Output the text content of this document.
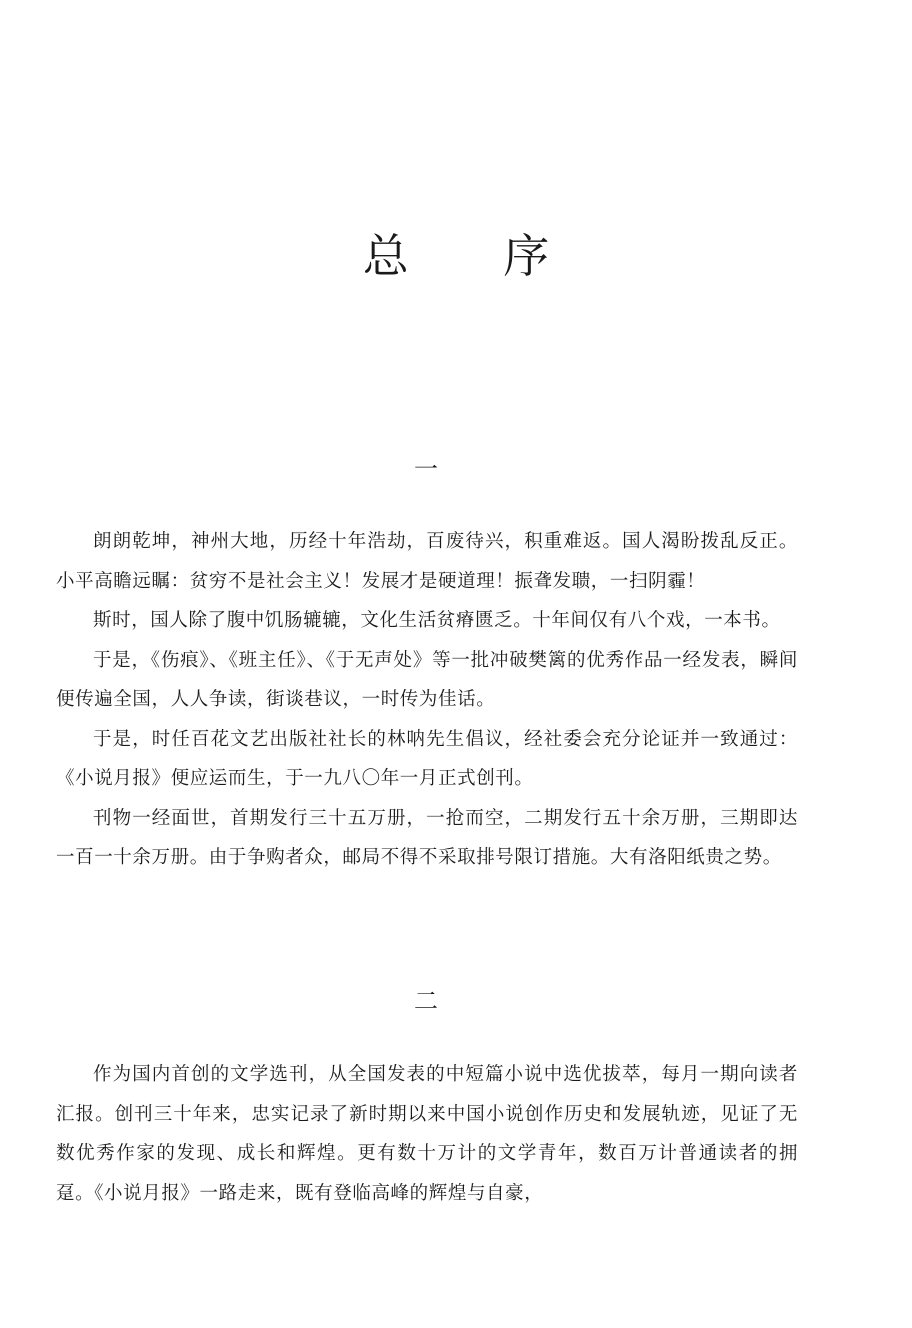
总 序
一

朗朗乾坤，神州大地，历经十年浩劫，百废待兴，积重难返。国人渴盼拨乱反正。小平高瞻远瞩：贫穷不是社会主义！发展才是硬道理！振聋发聩，一扫阴霾！

斯时，国人除了腹中饥肠辘辘，文化生活贫瘠匮乏。十年间仅有八个戏，一本书。

于是，《伤痕》、《班主任》、《于无声处》等一批冲破樊篱的优秀作品一经发表，瞬间便传遍全国，人人争读，街谈巷议，一时传为佳话。

于是，时任百花文艺出版社社长的林呐先生倡议，经社委会充分论证并一致通过：《小说月报》便应运而生，于一九八〇年一月正式创刊。

刊物一经面世，首期发行三十五万册，一抢而空，二期发行五十余万册，三期即达一百一十余万册。由于争购者众，邮局不得不采取排号限订措施。大有洛阳纸贵之势。

二

作为国内首创的文学选刊，从全国发表的中短篇小说中选优拔萃，每月一期向读者汇报。创刊三十年来，忠实记录了新时期以来中国小说创作历史和发展轨迹，见证了无数优秀作家的发现、成长和辉煌。更有数十万计的文学青年，数百万计普通读者的拥趸。《小说月报》一路走来，既有登临高峰的辉煌与自豪，
